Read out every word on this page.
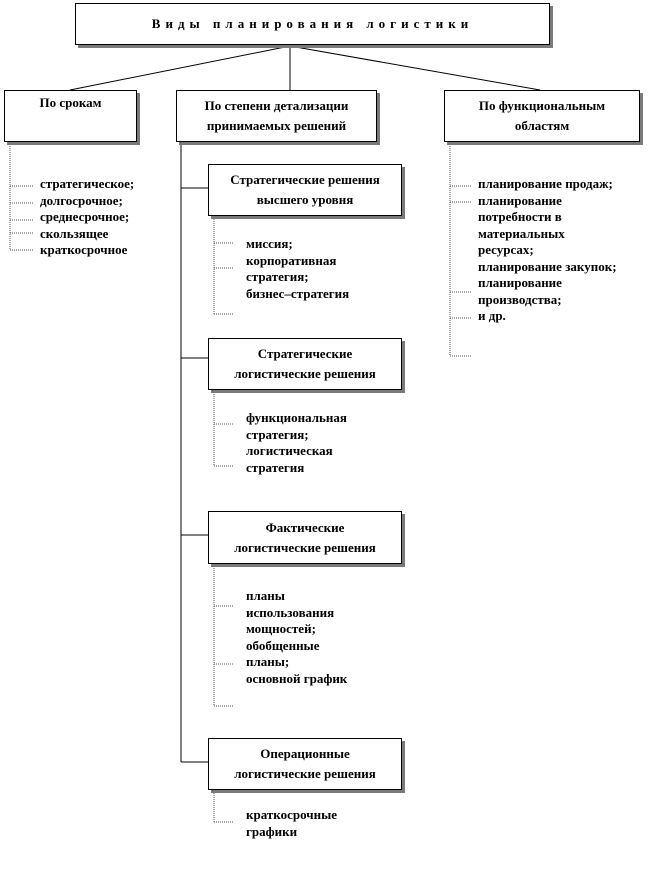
Виды планирования логистики
По срокам	По степени детализации
принимаемых решений
По функциональным
областям
стратегическое;
долгосрочное;
среднесрочное;
скользящее
краткосрочное
планирование продаж;
планирование
потребности в
материальных
ресурсах;
планирование закупок;
планирование
производства;
и др.
Стратегические решения
высшего уровня
миссия;
корпоративная
стратегия;
бизнес–стратегия
Стратегические
логистические решения
функциональная
стратегия;
логистическая
стратегия
Фактические
логистические решения
планы
использования
мощностей;
обобщенные
планы;
основной график
Операционные
логистические решения
краткосрочные
графики
